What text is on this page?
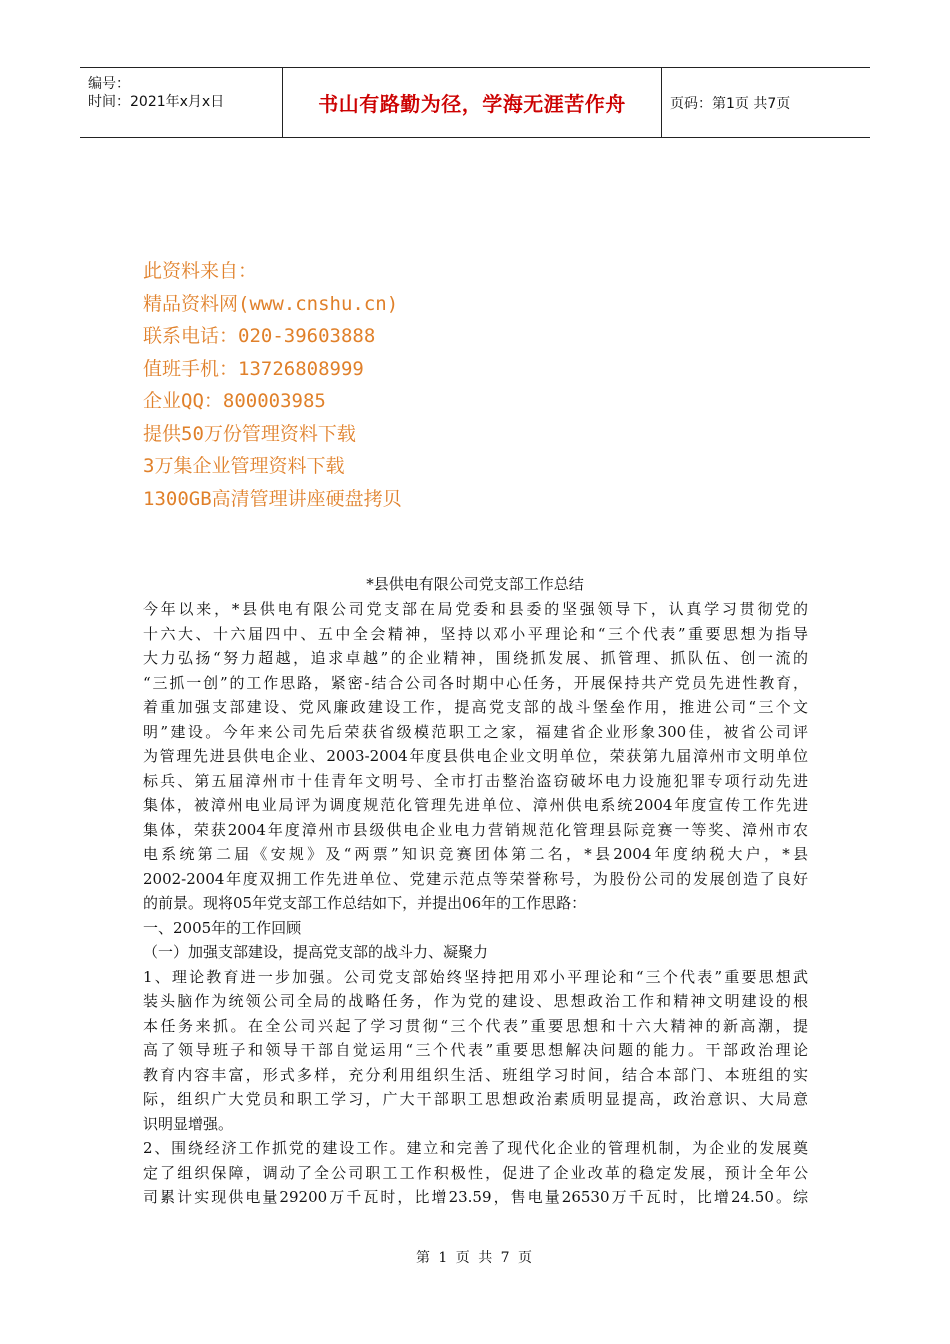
编号：
时间：2021年x月x日	书山有路勤为径，学海无涯苦作舟	页码：第1页 共7页
此资料来自：
精品资料网(www.cnshu.cn)
联系电话：020-39603888
值班手机：13726808999
企业QQ：800003985
提供50万份管理资料下载
3万集企业管理资料下载
1300GB高清管理讲座硬盘拷贝
*县供电有限公司党支部工作总结
今年以来，*县供电有限公司党支部在局党委和县委的坚强领导下，认真学习贯彻党的
十六大、十六届四中、五中全会精神，坚持以邓小平理论和“三个代表”重要思想为指导
大力弘扬“努力超越，追求卓越”的企业精神，围绕抓发展、抓管理、抓队伍、创一流的
“三抓一创”的工作思路，紧密-结合公司各时期中心任务，开展保持共产党员先进性教育，
着重加强支部建设、党风廉政建设工作，提高党支部的战斗堡垒作用，推进公司“三个文
明”建设。今年来公司先后荣获省级模范职工之家，福建省企业形象300佳，被省公司评
为管理先进县供电企业、2003-2004年度县供电企业文明单位，荣获第九届漳州市文明单位
标兵、第五届漳州市十佳青年文明号、全市打击整治盗窃破坏电力设施犯罪专项行动先进
集体，被漳州电业局评为调度规范化管理先进单位、漳州供电系统2004年度宣传工作先进
集体，荣获2004年度漳州市县级供电企业电力营销规范化管理县际竞赛一等奖、漳州市农
电系统第二届《安规》及“两票”知识竞赛团体第二名，*县2004年度纳税大户，*县
2002-2004年度双拥工作先进单位、党建示范点等荣誉称号，为股份公司的发展创造了良好
的前景。现将05年党支部工作总结如下，并提出06年的工作思路：
一、2005年的工作回顾
（一）加强支部建设，提高党支部的战斗力、凝聚力
1、理论教育进一步加强。公司党支部始终坚持把用邓小平理论和“三个代表”重要思想武
装头脑作为统领公司全局的战略任务，作为党的建设、思想政治工作和精神文明建设的根
本任务来抓。在全公司兴起了学习贯彻“三个代表”重要思想和十六大精神的新高潮，提
高了领导班子和领导干部自觉运用“三个代表”重要思想解决问题的能力。干部政治理论
教育内容丰富，形式多样，充分利用组织生活、班组学习时间，结合本部门、本班组的实
际，组织广大党员和职工学习，广大干部职工思想政治素质明显提高，政治意识、大局意
识明显增强。
2、围绕经济工作抓党的建设工作。建立和完善了现代化企业的管理机制，为企业的发展奠
定了组织保障，调动了全公司职工工作积极性，促进了企业改革的稳定发展，预计全年公
司累计实现供电量29200万千瓦时，比增23.59，售电量26530万千瓦时，比增24.50。综
第 1 页 共 7 页
